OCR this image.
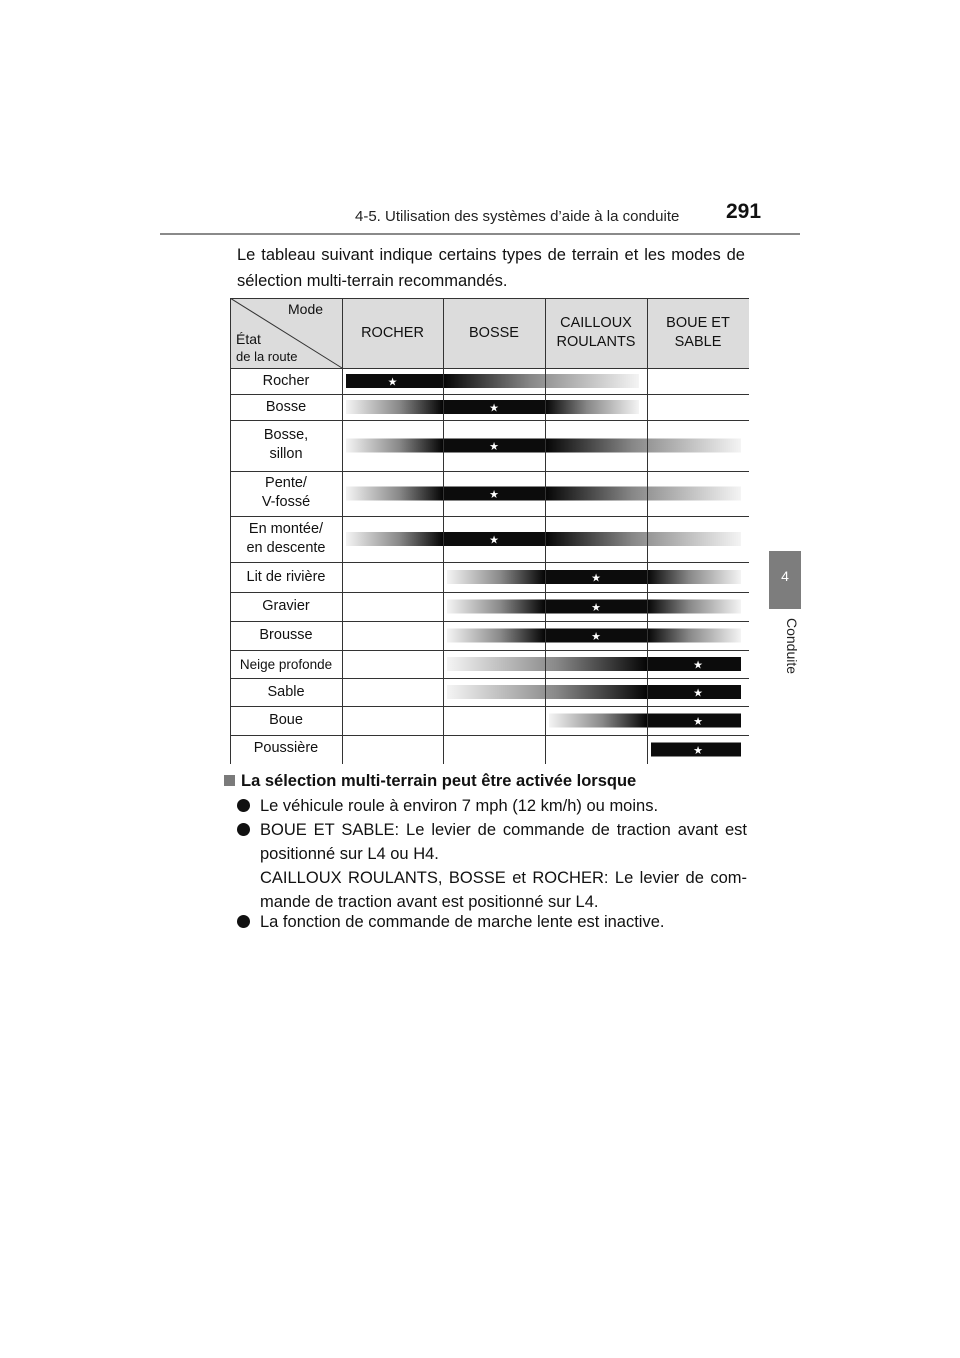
4-5. Utilisation des systèmes d’aide à la conduite 291
4
Conduite
Le tableau suivant indique certains types de terrain et les modes de sélection multi-terrain recommandés.
★
★
★
★
★
★
★
★
★
★
★
★
Mode
État
de la route
ROCHER	BOSSE
CAILLOUX ROULANTS
BOUE ET SABLE
Rocher
Bosse
Bosse, sillon
Pente/ V-fossé
En montée/ en descente
Lit de rivière
Gravier
Brousse
Neige profonde
Sable
Boue
Poussière
La sélection multi-terrain peut être activée lorsque
Le véhicule roule à environ 7 mph (12 km/h) ou moins.
BOUE ET SABLE: Le levier de commande de traction avant est positionné sur L4 ou H4.
CAILLOUX ROULANTS, BOSSE et ROCHER: Le levier de com-mande de traction avant est positionné sur L4.
La fonction de commande de marche lente est inactive.
